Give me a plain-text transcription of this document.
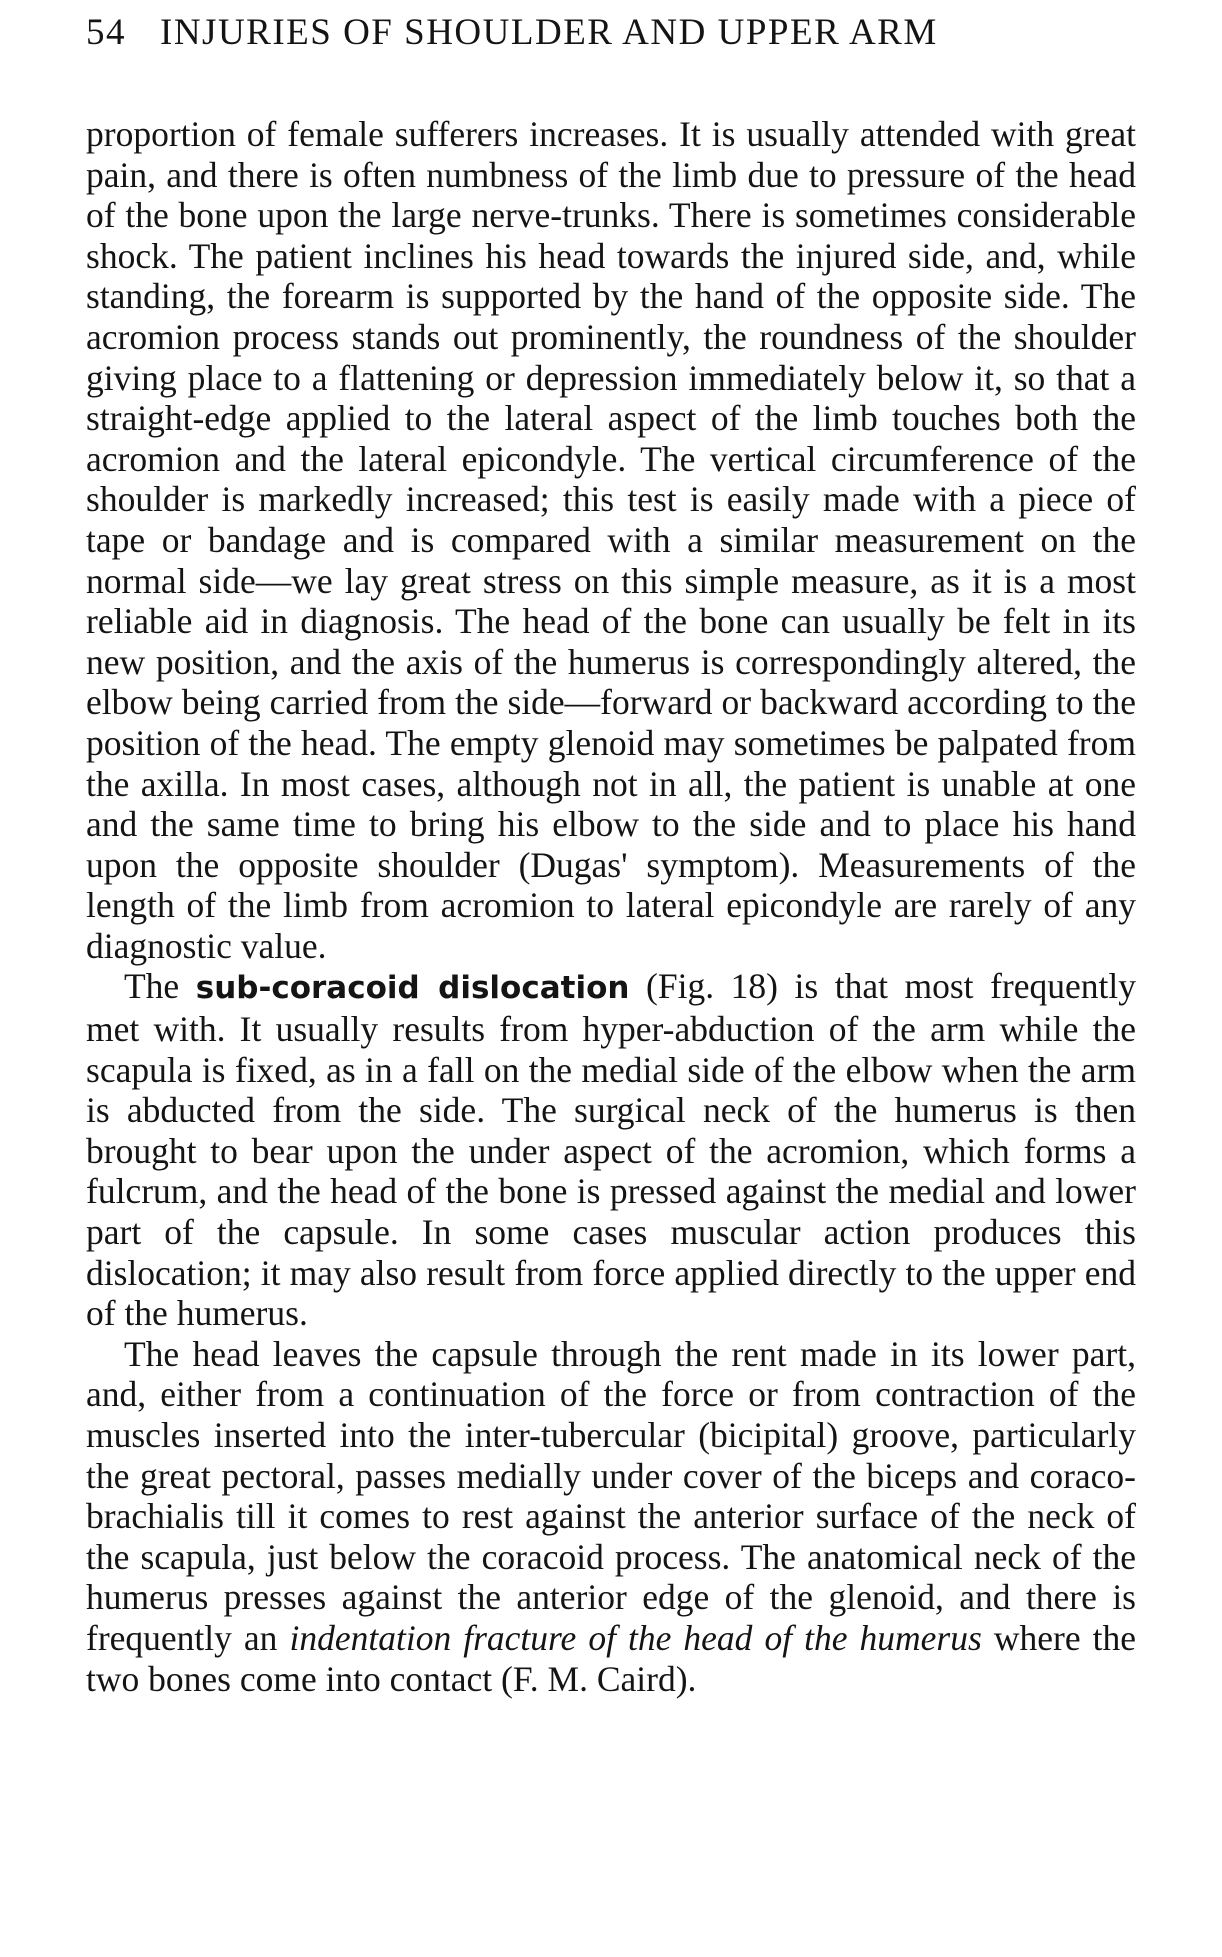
54 INJURIES OF SHOULDER AND UPPER ARM

proportion of female sufferers increases. It is usually attended with great pain, and there is often numbness of the limb due to pressure of the head of the bone upon the large nerve-trunks. There is sometimes considerable shock. The patient inclines his head towards the injured side, and, while standing, the forearm is supported by the hand of the opposite side. The acromion process stands out prominently, the roundness of the shoulder giving place to a flattening or depression immediately below it, so that a straight-edge applied to the lateral aspect of the limb touches both the acromion and the lateral epicondyle. The vertical circumference of the shoulder is markedly increased; this test is easily made with a piece of tape or bandage and is compared with a similar measurement on the normal side—we lay great stress on this simple measure, as it is a most reliable aid in diagnosis. The head of the bone can usually be felt in its new position, and the axis of the humerus is correspondingly altered, the elbow being carried from the side—forward or backward according to the position of the head. The empty glenoid may sometimes be palpated from the axilla. In most cases, although not in all, the patient is unable at one and the same time to bring his elbow to the side and to place his hand upon the opposite shoulder (Dugas' symptom). Measurements of the length of the limb from acromion to lateral epicondyle are rarely of any diagnostic value.

The sub-coracoid dislocation (Fig. 18) is that most frequently met with. It usually results from hyper-abduction of the arm while the scapula is fixed, as in a fall on the medial side of the elbow when the arm is abducted from the side. The surgical neck of the humerus is then brought to bear upon the under aspect of the acromion, which forms a fulcrum, and the head of the bone is pressed against the medial and lower part of the capsule. In some cases muscular action produces this dislocation; it may also result from force applied directly to the upper end of the humerus.

The head leaves the capsule through the rent made in its lower part, and, either from a continuation of the force or from contraction of the muscles inserted into the inter-tubercular (bicipital) groove, particularly the great pectoral, passes medially under cover of the biceps and coraco-brachialis till it comes to rest against the anterior surface of the neck of the scapula, just below the coracoid process. The anatomical neck of the humerus presses against the anterior edge of the glenoid, and there is frequently an indentation fracture of the head of the humerus where the two bones come into contact (F. M. Caird).
